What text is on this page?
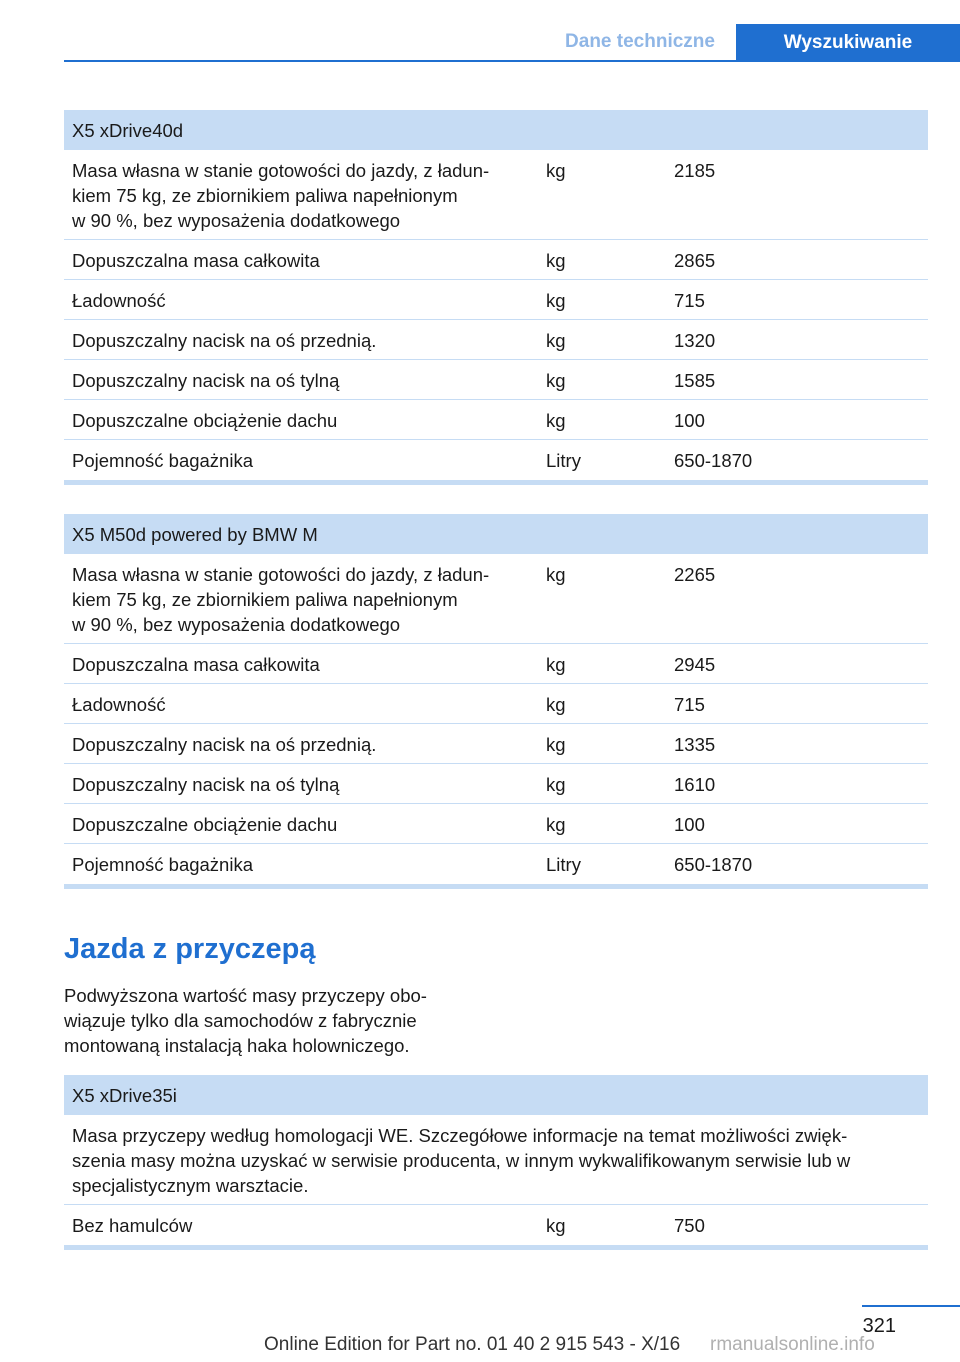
Dane techniczne	Wyszukiwanie
X5 xDrive40d
Masa własna w stanie gotowości do jazdy, z ładun-
kiem 75 kg, ze zbiornikiem paliwa napełnionym
w 90 %, bez wyposażenia dodatkowego
kg	2185
Dopuszczalna masa całkowita	kg	2865
Ładowność	kg	715
Dopuszczalny nacisk na oś przednią.	kg	1320
Dopuszczalny nacisk na oś tylną	kg	1585
Dopuszczalne obciążenie dachu	kg	100
Pojemność bagażnika	Litry	650-1870
X5 M50d powered by BMW M
Masa własna w stanie gotowości do jazdy, z ładun-
kiem 75 kg, ze zbiornikiem paliwa napełnionym
w 90 %, bez wyposażenia dodatkowego
kg	2265
Dopuszczalna masa całkowita	kg	2945
Ładowność	kg	715
Dopuszczalny nacisk na oś przednią.	kg	1335
Dopuszczalny nacisk na oś tylną	kg	1610
Dopuszczalne obciążenie dachu	kg	100
Pojemność bagażnika	Litry	650-1870
Jazda z przyczepą
Podwyższona wartość masy przyczepy obo-
wiązuje tylko dla samochodów z fabrycznie
montowaną instalacją haka holowniczego.
X5 xDrive35i
Masa przyczepy według homologacji WE. Szczegółowe informacje na temat możliwości zwięk-
szenia masy można uzyskać w serwisie producenta, w innym wykwalifikowanym serwisie lub w
specjalistycznym warsztacie.
Bez hamulców	kg	750
321
Online Edition for Part no. 01 40 2 915 543 - X/16 rmanualsonline.info
